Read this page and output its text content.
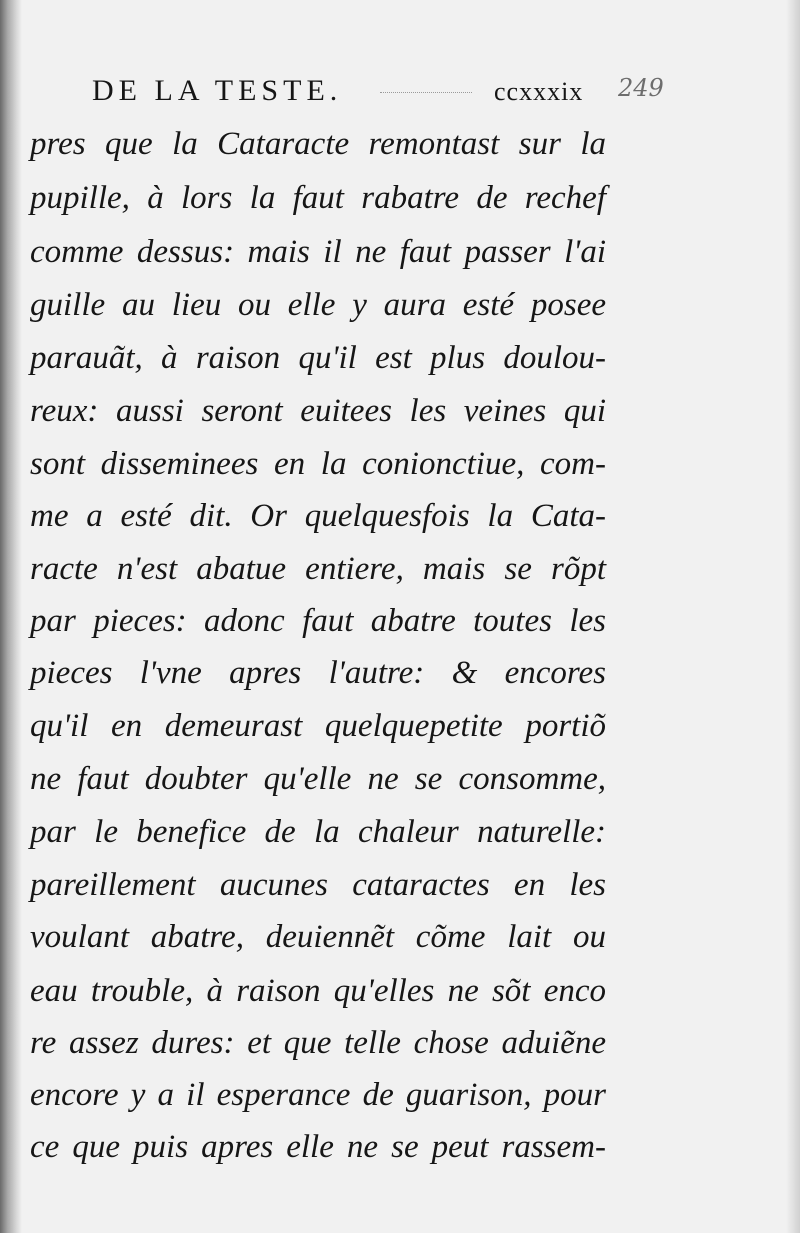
DE LA TESTE.	ccxxxix 249
pres que la Cataracte remontast sur la
pupille, à lors la faut rabatre de rechef
comme dessus: mais il ne faut passer l'ai
guille au lieu ou elle y aura esté posee
parauãt, à raison qu'il est plus doulou-
reux: aussi seront euitees les veines qui
sont disseminees en la conionctiue, com-
me a esté dit. Or quelquesfois la Cata-
racte n'est abatue entiere, mais se rõpt
par pieces: adonc faut abatre toutes les
pieces l'vne apres l'autre: & encores
qu'il en demeurast quelquepetite portiõ
ne faut doubter qu'elle ne se consomme,
par le benefice de la chaleur naturelle:
pareillement aucunes cataractes en les
voulant abatre, deuiennẽt cõme lait ou
eau trouble, à raison qu'elles ne sõt enco
re assez dures: et que telle chose aduiẽne
encore y a il esperance de guarison, pour
ce que puis apres elle ne se peut rassem-
